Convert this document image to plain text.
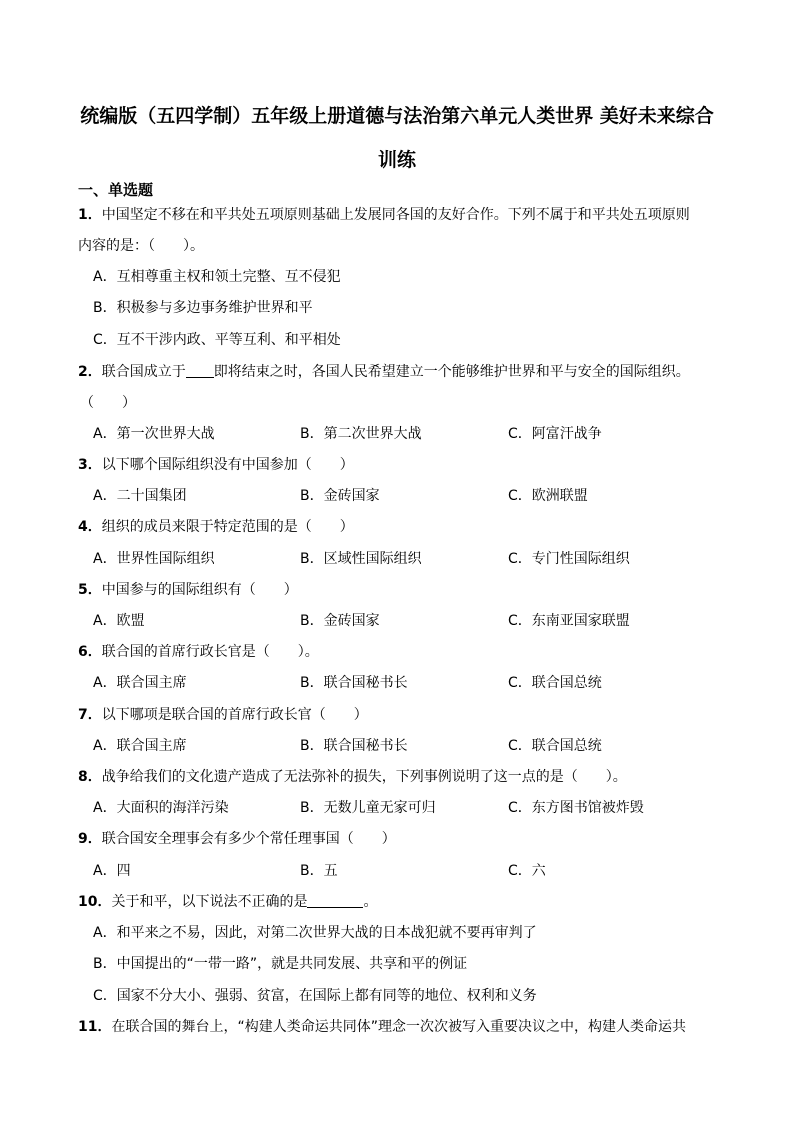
统编版（五四学制）五年级上册道德与法治第六单元人类世界 美好未来综合
训练
一、单选题
1．中国坚定不移在和平共处五项原则基础上发展同各国的友好合作。下列不属于和平共处五项原则
内容的是：（　　）。
A．互相尊重主权和领土完整、互不侵犯
B．积极参与多边事务维护世界和平
C．互不干涉内政、平等互利、和平相处
2．联合国成立于 即将结束之时，各国人民希望建立一个能够维护世界和平与安全的国际组织。
（　　）
A．第一次世界大战	B．第二次世界大战	C．阿富汗战争
3．以下哪个国际组织没有中国参加（　　）
A．二十国集团	B．金砖国家	C．欧洲联盟
4．组织的成员来限于特定范围的是（　　）
A．世界性国际组织	B．区域性国际组织	C．专门性国际组织
5．中国参与的国际组织有（　　）
A．欧盟	B．金砖国家	C．东南亚国家联盟
6．联合国的首席行政长官是（　　）。
A．联合国主席	B．联合国秘书长	C．联合国总统
7．以下哪项是联合国的首席行政长官（　　）
A．联合国主席	B．联合国秘书长	C．联合国总统
8．战争给我们的文化遗产造成了无法弥补的损失，下列事例说明了这一点的是（　　）。
A．大面积的海洋污染	B．无数儿童无家可归	C．东方图书馆被炸毁
9．联合国安全理事会有多少个常任理事国（　　）
A．四	B．五	C．六
10．关于和平，以下说法不正确的是	。
A．和平来之不易，因此，对第二次世界大战的日本战犯就不要再审判了
B．中国提出的“一带一路”，就是共同发展、共享和平的例证
C．国家不分大小、强弱、贫富，在国际上都有同等的地位、权利和义务
11．在联合国的舞台上，“构建人类命运共同体”理念一次次被写入重要决议之中，构建人类命运共
